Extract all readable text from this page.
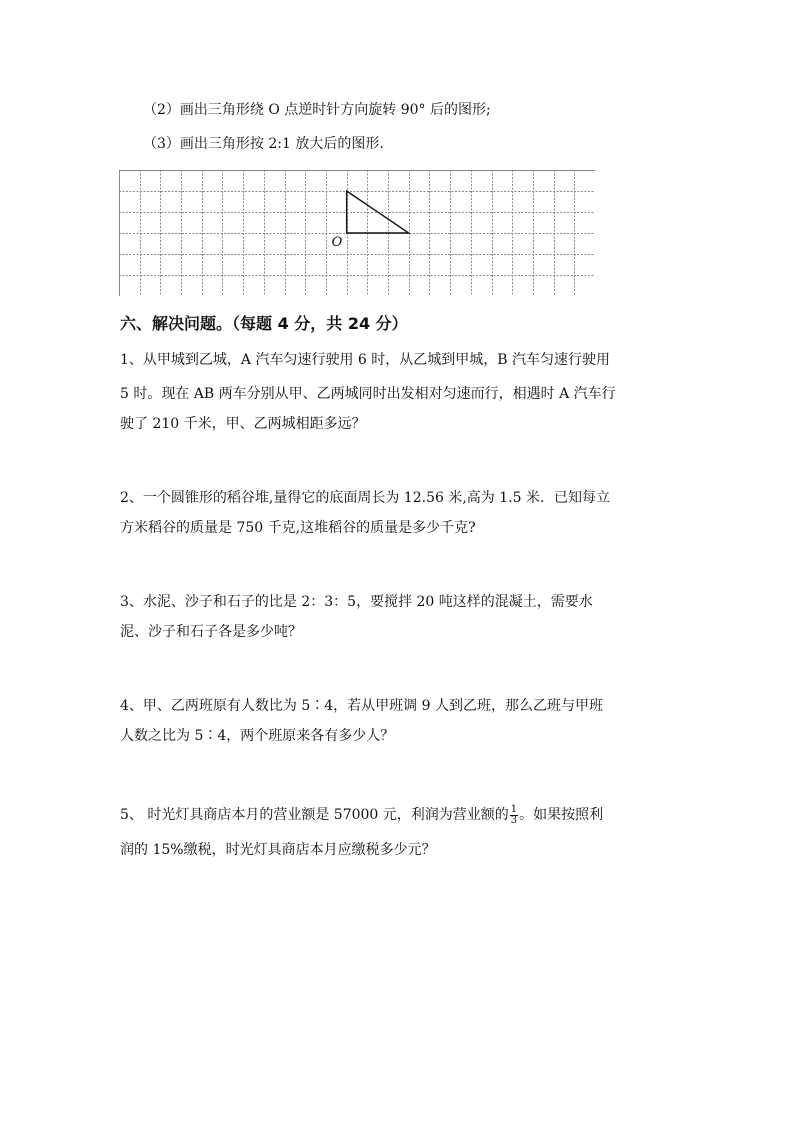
（2）画出三角形绕 O 点逆时针方向旋转 90° 后的图形;
（3）画出三角形按 2:1 放大后的图形.
O
六、解决问题。（每题 4 分，共 24 分）
1、从甲城到乙城，A 汽车匀速行驶用 6 时，从乙城到甲城，B 汽车匀速行驶用
5 时。现在 AB 两车分别从甲、乙两城同时出发相对匀速而行，相遇时 A 汽车行
驶了 210 千米，甲、乙两城相距多远？
2、一个圆锥形的稻谷堆,量得它的底面周长为 12.56 米,高为 1.5 米．已知每立
方米稻谷的质量是 750 千克,这堆稻谷的质量是多少千克?
3、水泥、沙子和石子的比是 2：3：5，要搅拌 20 吨这样的混凝土，需要水
泥、沙子和石子各是多少吨？
4、甲、乙两班原有人数比为 5∶4，若从甲班调 9 人到乙班，那么乙班与甲班
人数之比为 5∶4，两个班原来各有多少人？
5、 时光灯具商店本月的营业额是 57000 元，利润为营业额的 $\frac{1}{3}$ 。如果按照利
润的 15%缴税，时光灯具商店本月应缴税多少元？
